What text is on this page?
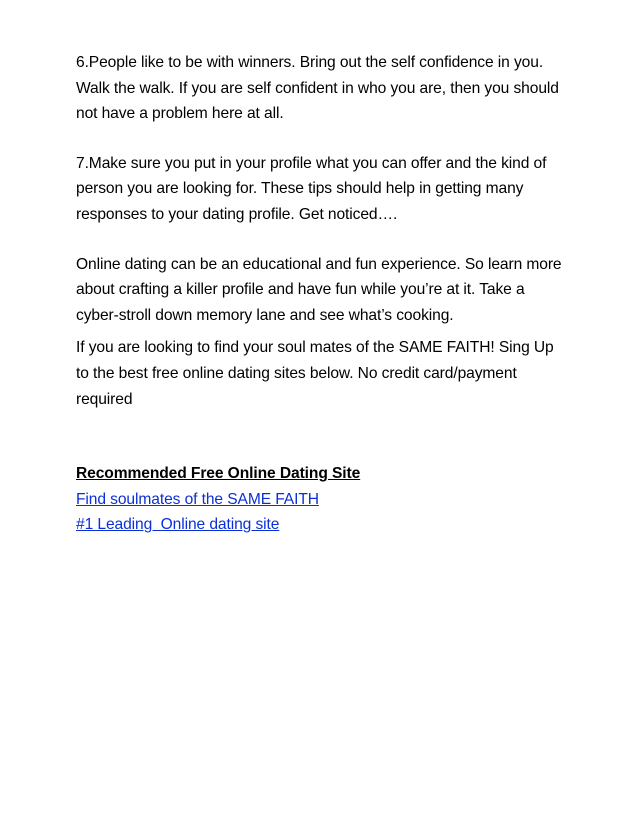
6.People like to be with winners. Bring out the self confidence in you. Walk the walk. If you are self confident in who you are, then you should not have a problem here at all.

7.Make sure you put in your profile what you can offer and the kind of person you are looking for. These tips should help in getting many responses to your dating profile. Get noticed….

Online dating can be an educational and fun experience. So learn more about crafting a killer profile and have fun while you’re at it. Take a cyber-stroll down memory lane and see what’s cooking.

If you are looking to find your soul mates of the SAME FAITH! Sing Up to the best free online dating sites below. No credit card/payment required

Recommended Free Online Dating Site

Find soulmates of the SAME FAITH

#1 Leading  Online dating site
